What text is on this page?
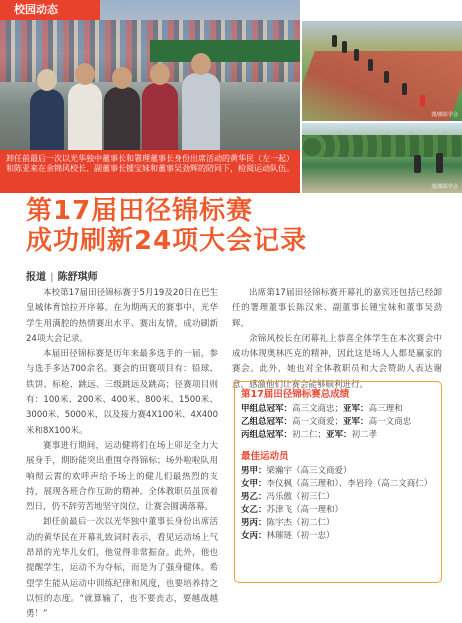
卸任前最后一次以光华独中董事长和署理董事长身份出席活动的黄华民（左一起）和陈亚来在余锦风校长、副董事长锺宝妹和董事吴劲辉的陪同下，检阅运动队伍。
校园动态
图/摄影学会
图/摄影学会
第17届田径锦标赛
成功刷新24项大会记录
报道 | 陈舒琪师

本校第17届田径锦标赛于5月19及20日在巴生皇城体育馆拉开序幕。在为期两天的赛事中，光华学生用满腔的热情赛出水平、赛出友情，成功刷新24项大会记录。

本届田径锦标赛是历年来最多选手的一届，参与选手多达700余名。赛会的田赛项目有：铅球、铁饼、标枪、跳远、三级跳远及跳高；径赛项目则有：100米、200米、400米、800米、1500米、3000米、5000米，以及接力赛4X100米、4X400米和8X100米。

赛事进行期间，运动健将们在场上卯足全力大展身手，期盼能突出重围夺得锦标；场外啦啦队用响彻云霄的欢呼声给予场上的健儿们最热烈的支持，展现各班合作互助的精神。全体教职员虽顶着烈日，仍不辞劳苦地坚守岗位，让赛会圆满落幕。

卸任前最后一次以光华独中董事长身份出席活动的黄华民在开幕礼致词时表示，看见运动场上气昂昂的光华儿女们，他觉得非常振奋。此外，他也提醒学生，运动不为夺标，而是为了强身健体。希望学生能从运动中训练纪律和风度，也要培养持之以恒的态度。“就算输了，也不要丧志，要越战越勇！”

出席第17届田径锦标赛开幕礼的嘉宾还包括已经卸任的署理董事长陈汉来、副董事长锺宝妹和董事吴劲辉。

余锦风校长在闭幕礼上恭喜全体学生在本次赛会中成功体现奥林匹克的精神，因此这是场人人都是赢家的赛会。此外，她也对全体教职员和大会赞助人表达谢意，感激他们让赛会能够顺利进行。

第17届田径锦标赛总成绩
甲组总冠军：高三文商忠；亚军：高三理和
乙组总冠军：高一文商爱；亚军：高一文商忠
丙组总冠军：初二仁；亚军：初二孝
最佳运动员
男甲： 梁瀚宇（高三文商爱）
女甲： 李仪枫（高三理和）、李岩玲（高二文商仁）
男乙： 冯乐傲（初三仁）
女乙： 苏津飞（高一理和）
男丙： 陈宇杰（初二仁）
女丙： 林璀琏（初一忠）
